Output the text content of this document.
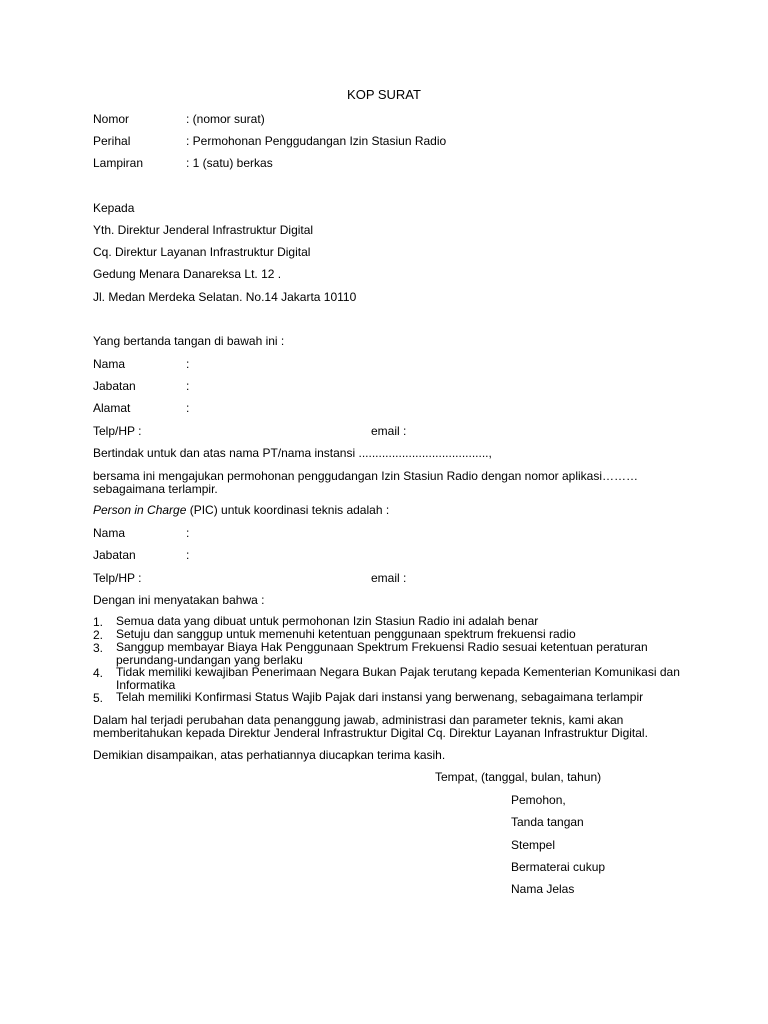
KOP SURAT
Nomor	: (nomor surat)
Perihal	: Permohonan Penggudangan Izin Stasiun Radio
Lampiran	: 1 (satu) berkas
Kepada
Yth. Direktur Jenderal Infrastruktur Digital
Cq. Direktur Layanan Infrastruktur Digital
Gedung Menara Danareksa Lt. 12 .
Jl. Medan Merdeka Selatan. No.14 Jakarta 10110
Yang bertanda tangan di bawah ini :
Nama	:
Jabatan	:
Alamat	:
Telp/HP :	email :
Bertindak untuk dan atas nama PT/nama instansi .......................................,
bersama ini mengajukan permohonan penggudangan Izin Stasiun Radio dengan nomor aplikasi………
sebagaimana terlampir.
Person in Charge (PIC) untuk koordinasi teknis adalah :
Nama	:
Jabatan	:
Telp/HP :	email :
Dengan ini menyatakan bahwa :
1. Semua data yang dibuat untuk permohonan Izin Stasiun Radio ini adalah benar
2. Setuju dan sanggup untuk memenuhi ketentuan penggunaan spektrum frekuensi radio
3. Sanggup membayar Biaya Hak Penggunaan Spektrum Frekuensi Radio sesuai ketentuan peraturan
perundang-undangan yang berlaku
4. Tidak memiliki kewajiban Penerimaan Negara Bukan Pajak terutang kepada Kementerian Komunikasi dan
Informatika
5. Telah memiliki Konfirmasi Status Wajib Pajak dari instansi yang berwenang, sebagaimana terlampir
Dalam hal terjadi perubahan data penanggung jawab, administrasi dan parameter teknis, kami akan
memberitahukan kepada Direktur Jenderal Infrastruktur Digital Cq. Direktur Layanan Infrastruktur Digital.
Demikian disampaikan, atas perhatiannya diucapkan terima kasih.
Tempat, (tanggal, bulan, tahun)
Pemohon,
Tanda tangan
Stempel
Bermaterai cukup
Nama Jelas
